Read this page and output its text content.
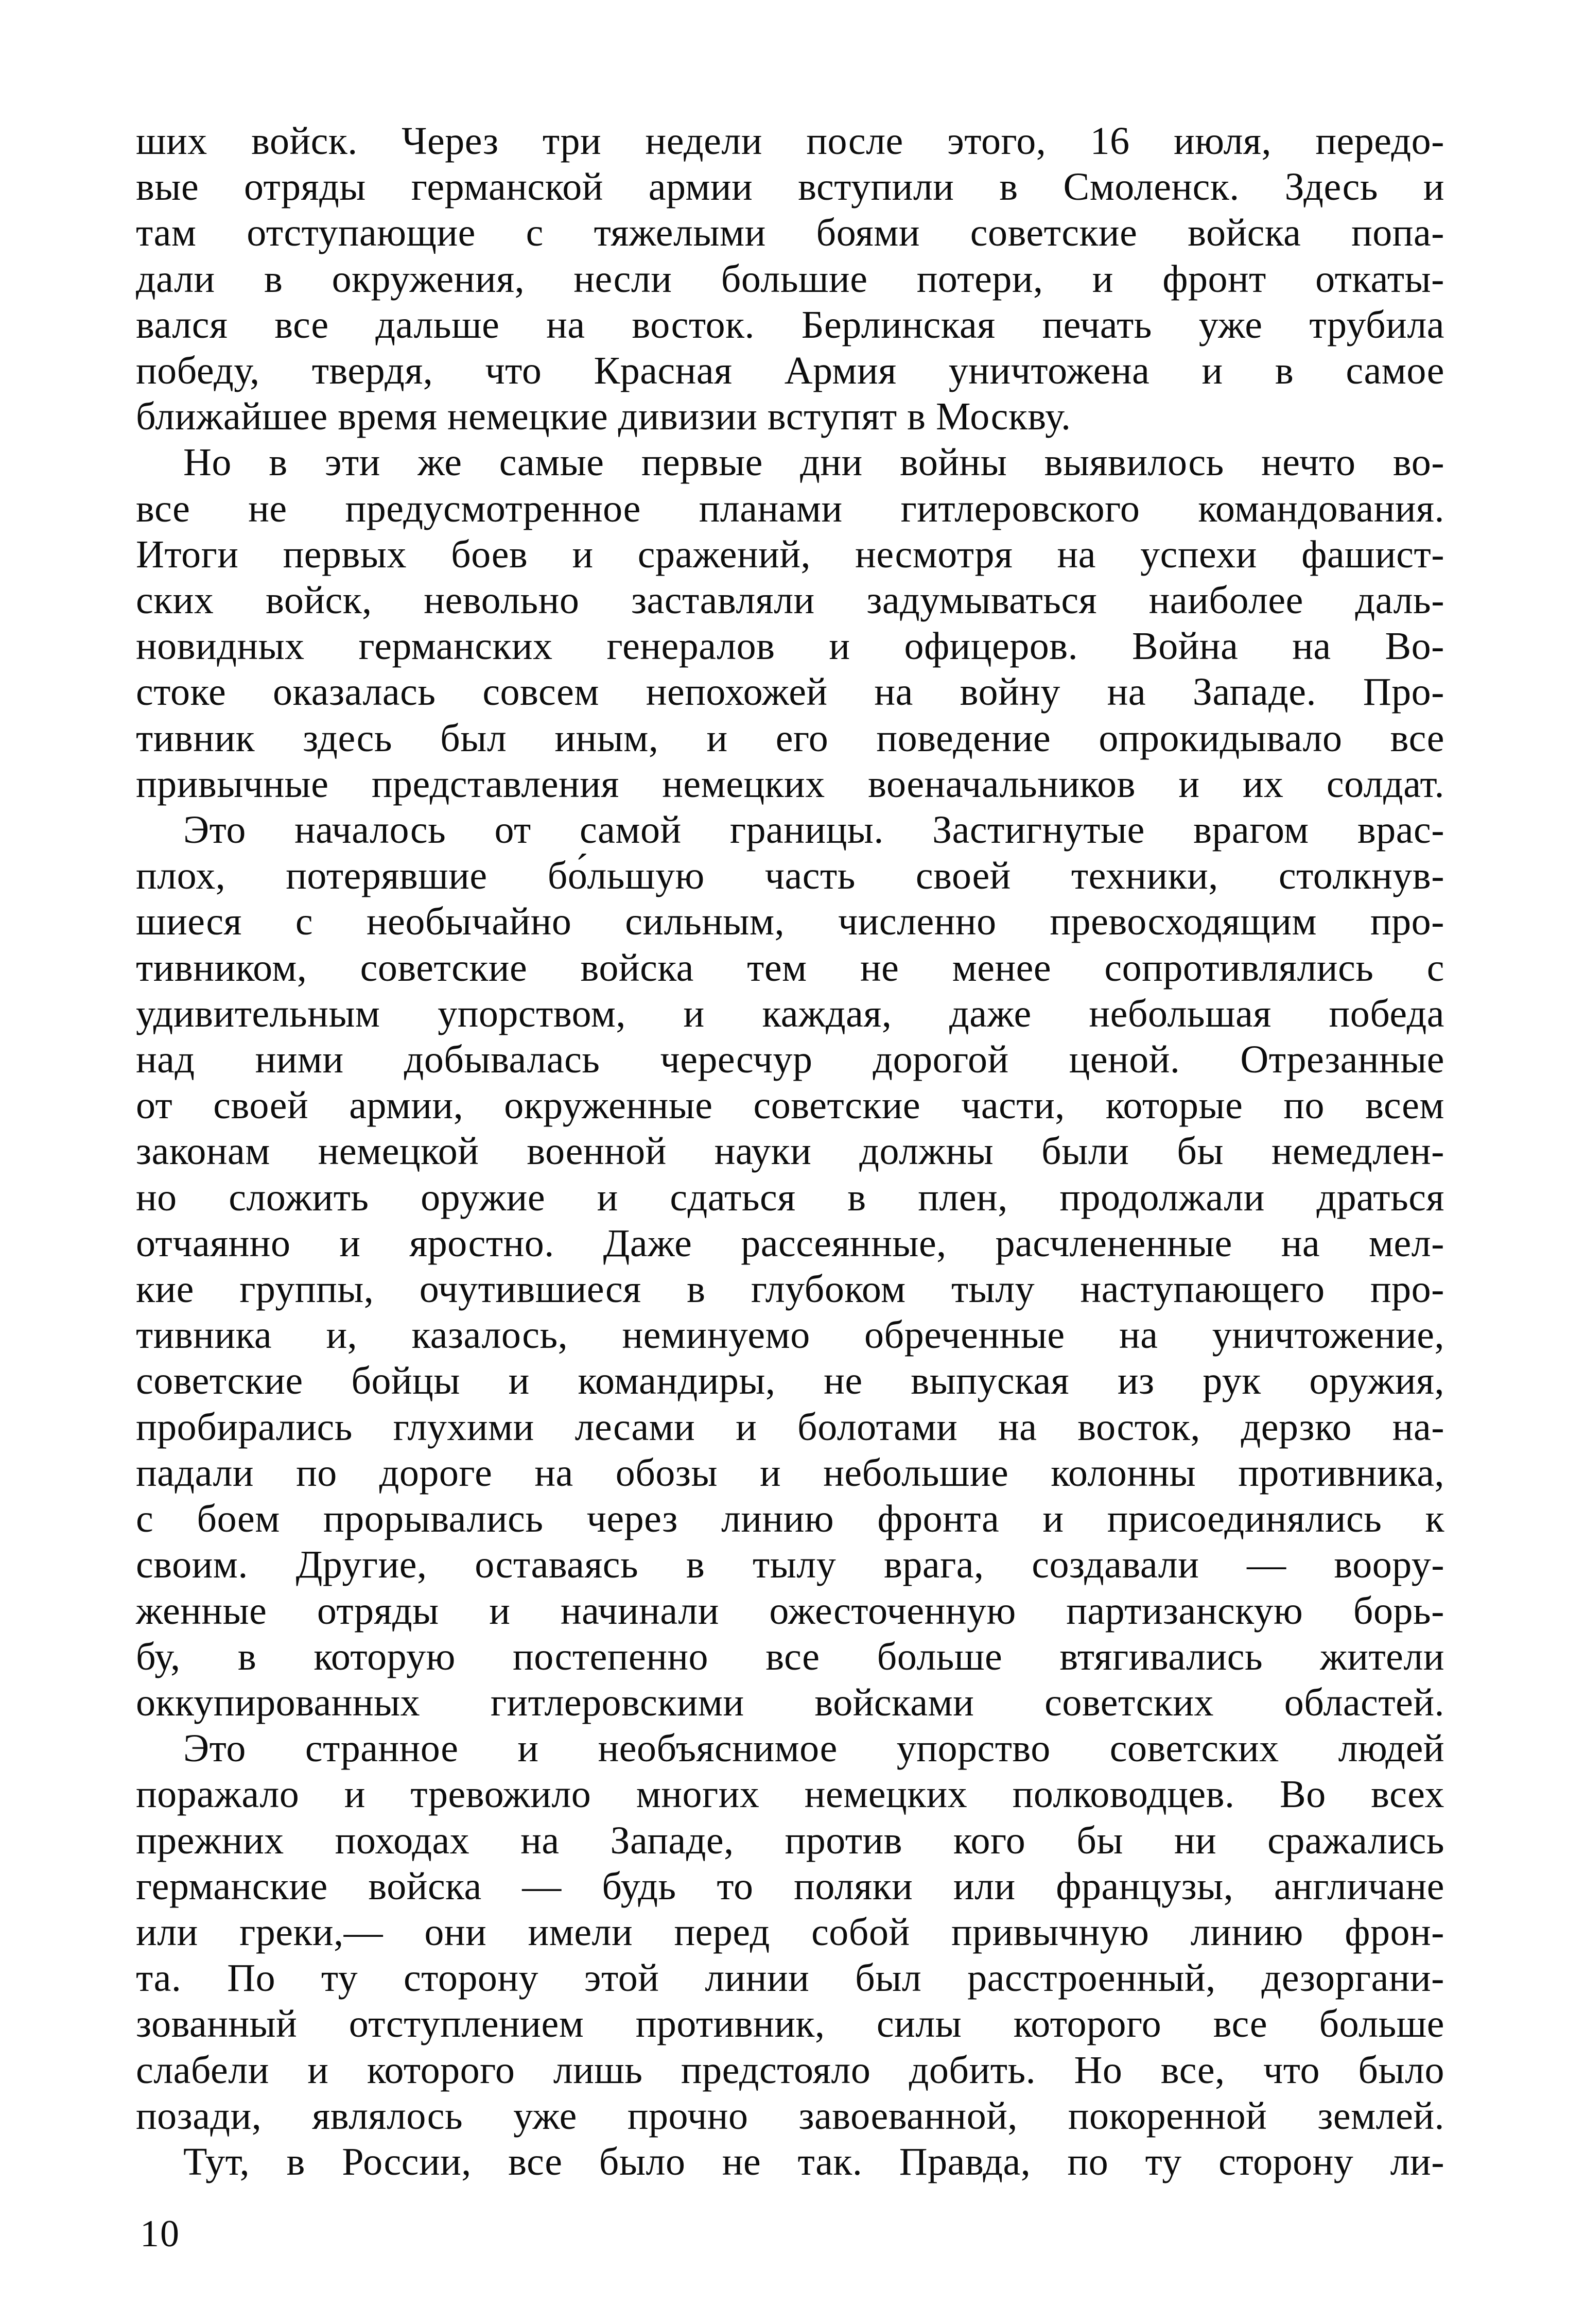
ших войск. Через три недели после этого, 16 июля, передо-
вые отряды германской армии вступили в Смоленск. Здесь и
там отступающие с тяжелыми боями советские войска попа-
дали в окружения, несли большие потери, и фронт откаты-
вался все дальше на восток. Берлинская печать уже трубила
победу, твердя, что Красная Армия уничтожена и в самое
ближайшее время немецкие дивизии вступят в Москву.
Но в эти же самые первые дни войны выявилось нечто во-
все не предусмотренное планами гитлеровского командования.
Итоги первых боев и сражений, несмотря на успехи фашист-
ских войск, невольно заставляли задумываться наиболее даль-
новидных германских генералов и офицеров. Война на Во-
стоке оказалась совсем непохожей на войну на Западе. Про-
тивник здесь был иным, и его поведение опрокидывало все
привычные представления немецких военачальников и их солдат.
Это началось от самой границы. Застигнутые врагом врас-
плох, потерявшие бо́льшую часть своей техники, столкнув-
шиеся с необычайно сильным, численно превосходящим про-
тивником, советские войска тем не менее сопротивлялись с
удивительным упорством, и каждая, даже небольшая победа
над ними добывалась чересчур дорогой ценой. Отрезанные
от своей армии, окруженные советские части, которые по всем
законам немецкой военной науки должны были бы немедлен-
но сложить оружие и сдаться в плен, продолжали драться
отчаянно и яростно. Даже рассеянные, расчлененные на мел-
кие группы, очутившиеся в глубоком тылу наступающего про-
тивника и, казалось, неминуемо обреченные на уничтожение,
советские бойцы и командиры, не выпуская из рук оружия,
пробирались глухими лесами и болотами на восток, дерзко на-
падали по дороге на обозы и небольшие колонны противника,
с боем прорывались через линию фронта и присоединялись к
своим. Другие, оставаясь в тылу врага, создавали — воору-
женные отряды и начинали ожесточенную партизанскую борь-
бу, в которую постепенно все больше втягивались жители
оккупированных гитлеровскими войсками советских областей.
Это странное и необъяснимое упорство советских людей
поражало и тревожило многих немецких полководцев. Во всех
прежних походах на Западе, против кого бы ни сражались
германские войска — будь то поляки или французы, англичане
или греки,— они имели перед собой привычную линию фрон-
та. По ту сторону этой линии был расстроенный, дезоргани-
зованный отступлением противник, силы которого все больше
слабели и которого лишь предстояло добить. Но все, что было
позади, являлось уже прочно завоеванной, покоренной землей.
Тут, в России, все было не так. Правда, по ту сторону ли-
10
